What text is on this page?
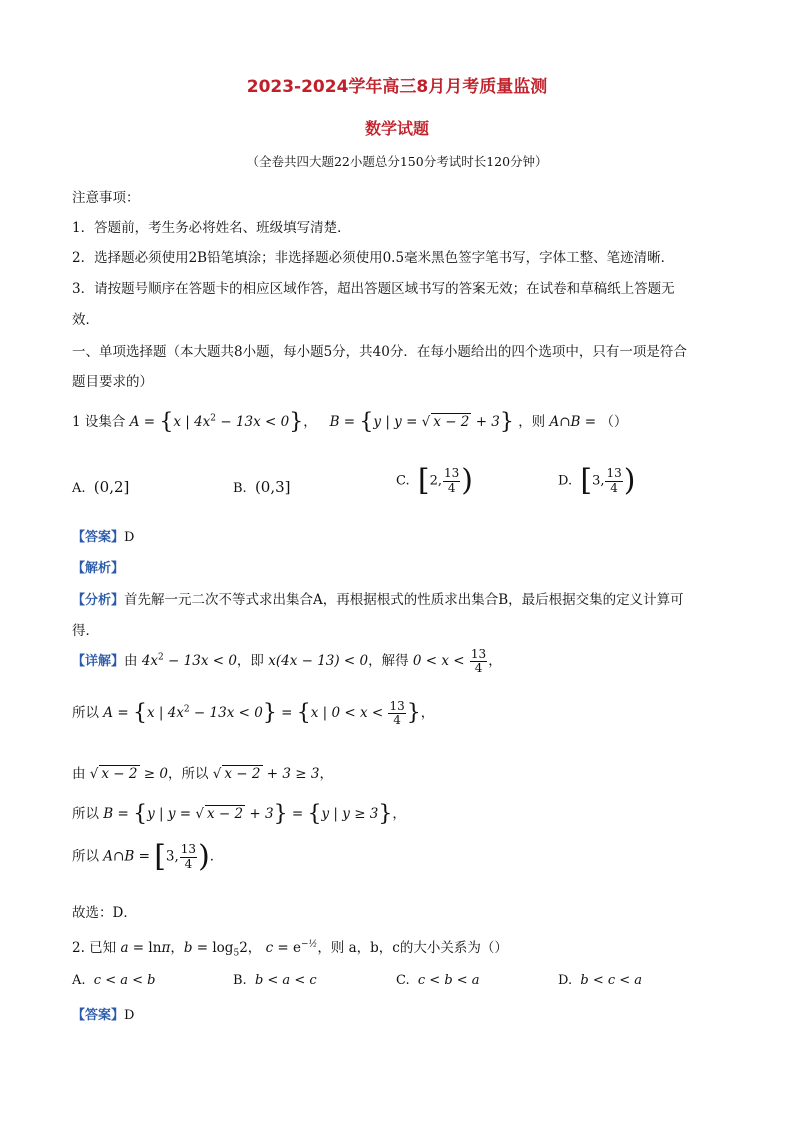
2023-2024学年高三8月月考质量监测
数学试题
（全卷共四大题22小题总分150分考试时长120分钟）
注意事项：
1．答题前，考生务必将姓名、班级填写清楚．
2．选择题必须使用2B铅笔填涂；非选择题必须使用0.5毫米黑色签字笔书写，字体工整、笔迹清晰．
3．请按题号顺序在答题卡的相应区域作答，超出答题区域书写的答案无效；在试卷和草稿纸上答题无
效．
一、单项选择题（本大题共8小题，每小题5分，共40分．在每小题给出的四个选项中，只有一项是符合
题目要求的）
1 设集合 A = {x | $4x^2 - 13x < 0$}，   B = {y | y = √ x − 2 + 3} ，则 A∩B = （）
A. (0,2]	B. (0,3]	C. [2, $\frac{13}{4}$ )	D. [3, $\frac{13}{4}$ )
【答案】D
【解析】
【分析】首先解一元二次不等式求出集合A，再根据根式的性质求出集合B，最后根据交集的定义计算可
得．
【详解】由 $4x^2 - 13x < 0$，即 x(4x − 13) < 0，解得 $0 < x < \frac{13}{4}$ ，
所以 A = {x | $4x^2 - 13x < 0\} = \{x$ | $0 < x < \frac{13}{4}$ }，
由 √ x − 2 ≥ 0，所以 √ x − 2 + 3 ≥ 3，
所以 B = {y | y = √ x − 2 + 3} = {y | y ≥ 3}，
所以 A∩B = [3, $\frac{13}{4}$ )．
故选：D．
2. 已知 a = lnπ，$b = \log_52$， $c = e^{-\frac{1}{2}}$，则 a，b，c的大小关系为（）
A. c < a < b	B. b < a < c	C. c < b < a	D. b < c < a
【答案】D
